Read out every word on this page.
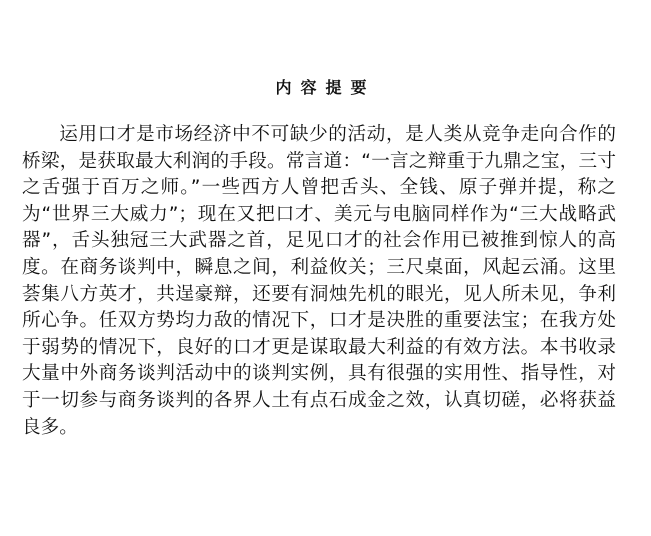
内容提要

运用口才是市场经济中不可缺少的活动，是人类从竞争走向合作的桥梁，是获取最大利润的手段。常言道：“一言之辩重于九鼎之宝，三寸之舌强于百万之师。”一些西方人曾把舌头、全钱、原子弹并提，称之为“世界三大威力”；现在又把口才、美元与电脑同样作为“三大战略武器”，舌头独冠三大武器之首，足见口才的社会作用已被推到惊人的高度。在商务谈判中，瞬息之间，利益攸关；三尺桌面，风起云涌。这里荟集八方英才，共逞豪辩，还要有洞烛先机的眼光，见人所未见，争利所心争。任双方势均力敌的情况下，口才是决胜的重要法宝；在我方处于弱势的情况下，良好的口才更是谋取最大利益的有效方法。本书收录大量中外商务谈判活动中的谈判实例，具有很强的实用性、指导性，对于一切参与商务谈判的各界人土有点石成金之效，认真切磋，必将获益良多。
